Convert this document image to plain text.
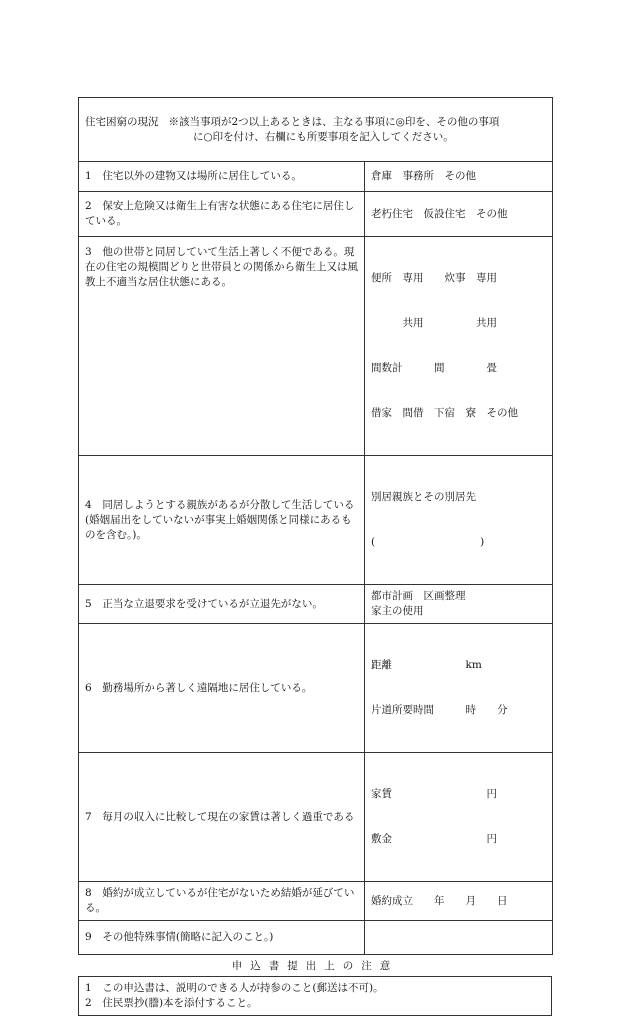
住宅困窮の現況 ※該当事項が2つ以上あるときは、主なる事項に◎印を、その他の事項
に○印を付け、右欄にも所要事項を記入してください。	

1 住宅以外の建物又は場所に居住している。	倉庫　事務所　その他
2 保安上危険又は衛生上有害な状態にある住宅に居住している。	老朽住宅　仮設住宅　その他
3 他の世帯と同居していて生活上著しく不便である。現在の住宅の規模間どりと世帯員との関係から衛生上又は風教上不適当な居住状態にある。	便所　専用　　炊事　専用

　　　共用　　　　　共用

間数計　　　間　　　　畳

借家　間借　下宿　寮　その他

4 同居しようとする親族があるが分散して生活している(婚姻届出をしていないが事実上婚姻関係と同様にあるものを含む。)。	別居親族とその別居先

(　　　　　　　　　　)

5 正当な立退要求を受けているが立退先がない。	都市計画　区画整理
家主の使用

6 勤務場所から著しく遠隔地に居住している。	距離　　　　　　　km

片道所要時間　　　時　　分

7 毎月の収入に比較して現在の家賃は著しく過重である	家賃　　　　　　　　　円

敷金　　　　　　　　　円

8 婚約が成立しているが住宅がないため結婚が延びている。	婚約成立　　年　　月　　日
9 その他特殊事情(簡略に記入のこと。)	
申込書提出上の注意
1 この申込書は、説明のできる人が持参のこと(郵送は不可)。
2 住民票抄(謄)本を添付すること。
